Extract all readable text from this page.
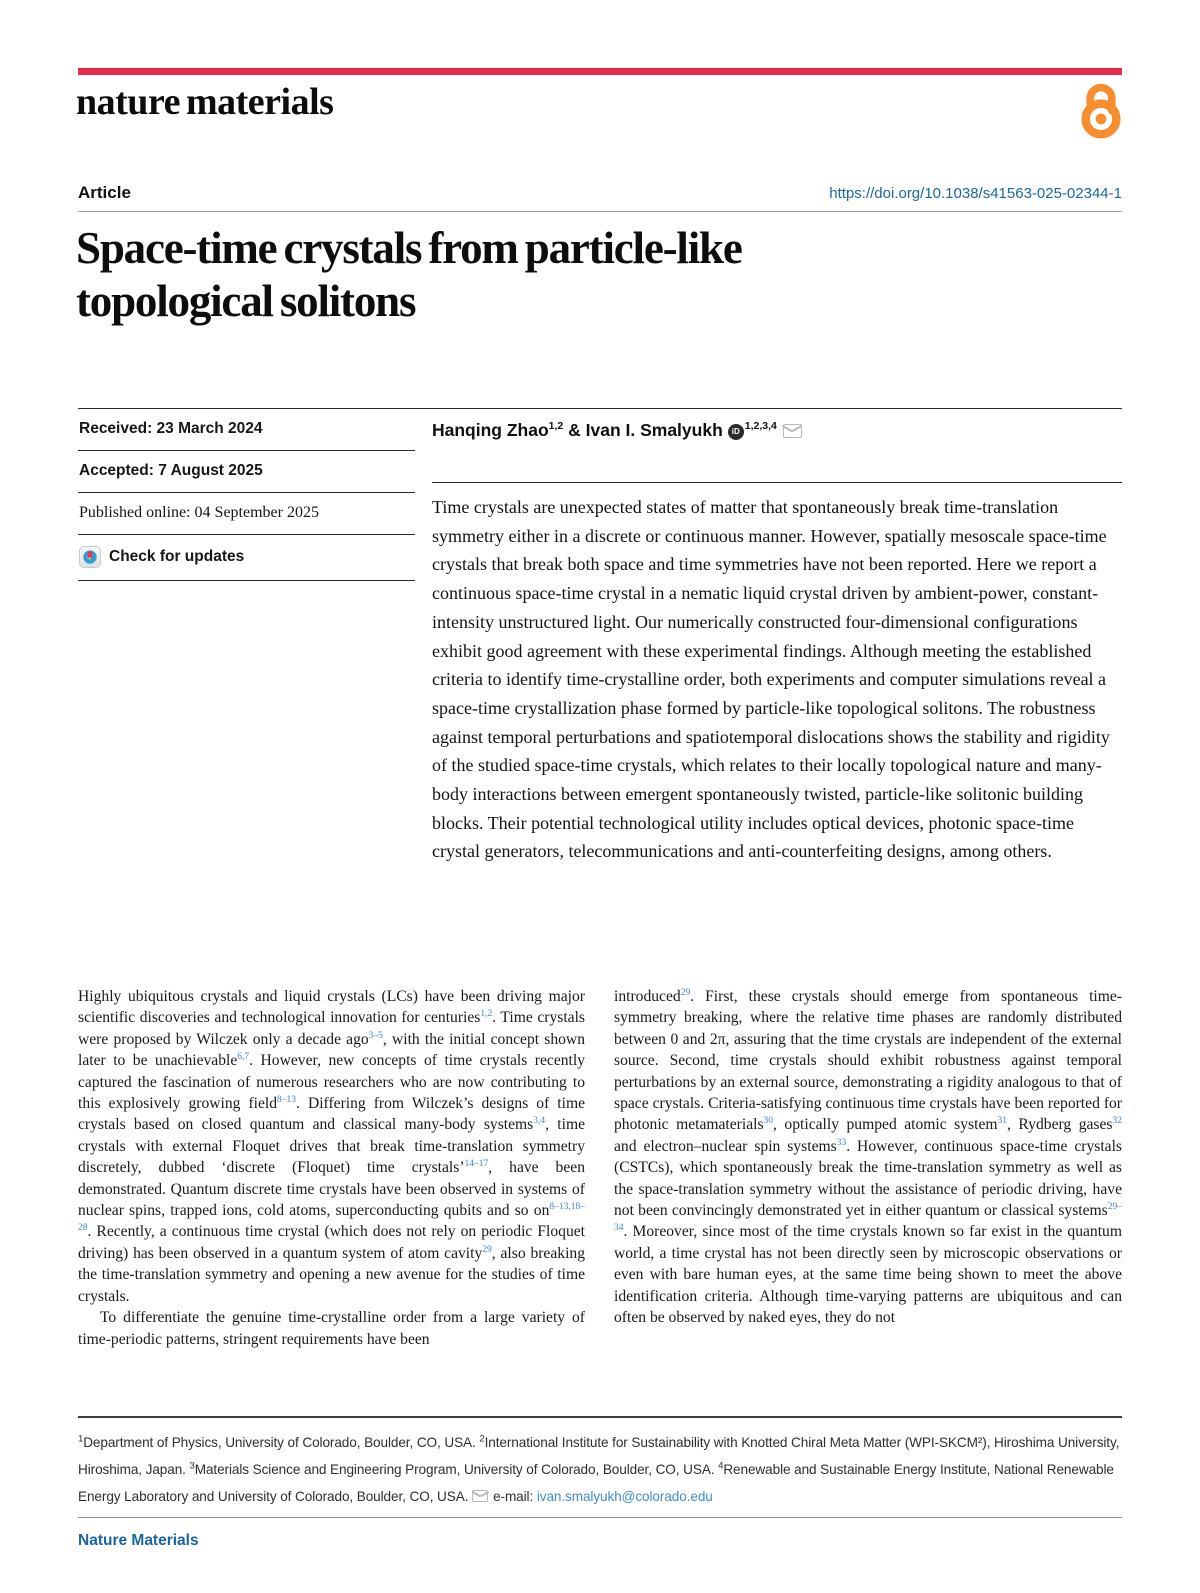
nature materials
Article	https://doi.org/10.1038/s41563-025-02344-1
Space-time crystals from particle-like
topological solitons
Received: 23 March 2024
Accepted: 7 August 2025
Published online: 04 September 2025
Check for updates
Hanqing Zhao$^{1,2}$ & Ivan I. Smalyukh iD $^{1,2,3,4}$
Time crystals are unexpected states of matter that spontaneously break time-translation symmetry either in a discrete or continuous manner. However, spatially mesoscale space-time crystals that break both space and time symmetries have not been reported. Here we report a continuous space-time crystal in a nematic liquid crystal driven by ambient-power, constant-intensity unstructured light. Our numerically constructed four-dimensional configurations exhibit good agreement with these experimental findings. Although meeting the established criteria to identify time-crystalline order, both experiments and computer simulations reveal a space-time crystallization phase formed by particle-like topological solitons. The robustness against temporal perturbations and spatiotemporal dislocations shows the stability and rigidity of the studied space-time crystals, which relates to their locally topological nature and many-body interactions between emergent spontaneously twisted, particle-like solitonic building blocks. Their potential technological utility includes optical devices, photonic space-time crystal generators, telecommunications and anti-counterfeiting designs, among others.

Highly ubiquitous crystals and liquid crystals (LCs) have been driving major scientific discoveries and technological innovation for centuries$^{1,2}$. Time crystals were proposed by Wilczek only a decade ago$^{3-5}$, with the initial concept shown later to be unachievable$^{6,7}$. However, new concepts of time crystals recently captured the fascination of numerous researchers who are now contributing to this explosively growing field$^{8-13}$. Differing from Wilczek’s designs of time crystals based on closed quantum and classical many-body systems$^{3,4}$, time crystals with external Floquet drives that break time-translation symmetry discretely, dubbed ‘discrete (Floquet) time crystals’$^{14-17}$, have been demonstrated. Quantum discrete time crystals have been observed in systems of nuclear spins, trapped ions, cold atoms, superconducting qubits and so on$^{8-13,18-28}$. Recently, a continuous time crystal (which does not rely on periodic Floquet driving) has been observed in a quantum system of atom cavity$^{29}$, also breaking the time-translation symmetry and opening a new avenue for the studies of time crystals.

To differentiate the genuine time-crystalline order from a large variety of time-periodic patterns, stringent requirements have been

introduced$^{29}$. First, these crystals should emerge from spontaneous time-symmetry breaking, where the relative time phases are randomly distributed between 0 and 2π, assuring that the time crystals are independent of the external source. Second, time crystals should exhibit robustness against temporal perturbations by an external source, demonstrating a rigidity analogous to that of space crystals. Criteria-satisfying continuous time crystals have been reported for photonic metamaterials$^{30}$, optically pumped atomic system$^{31}$, Rydberg gases$^{32}$ and electron–nuclear spin systems$^{33}$. However, continuous space-time crystals (CSTCs), which spontaneously break the time-translation symmetry as well as the space-translation symmetry without the assistance of periodic driving, have not been convincingly demonstrated yet in either quantum or classical systems$^{29-34}$. Moreover, since most of the time crystals known so far exist in the quantum world, a time crystal has not been directly seen by microscopic observations or even with bare human eyes, at the same time being shown to meet the above identification criteria. Although time-varying patterns are ubiquitous and can often be observed by naked eyes, they do not

$^1$Department of Physics, University of Colorado, Boulder, CO, USA. $^2$International Institute for Sustainability with Knotted Chiral Meta Matter (WPI-SKCM²), Hiroshima University, Hiroshima, Japan. $^3$Materials Science and Engineering Program, University of Colorado, Boulder, CO, USA. $^4$Renewable and Sustainable Energy Institute, National Renewable Energy Laboratory and University of Colorado, Boulder, CO, USA. e-mail: ivan.smalyukh@colorado.edu
Nature Materials
